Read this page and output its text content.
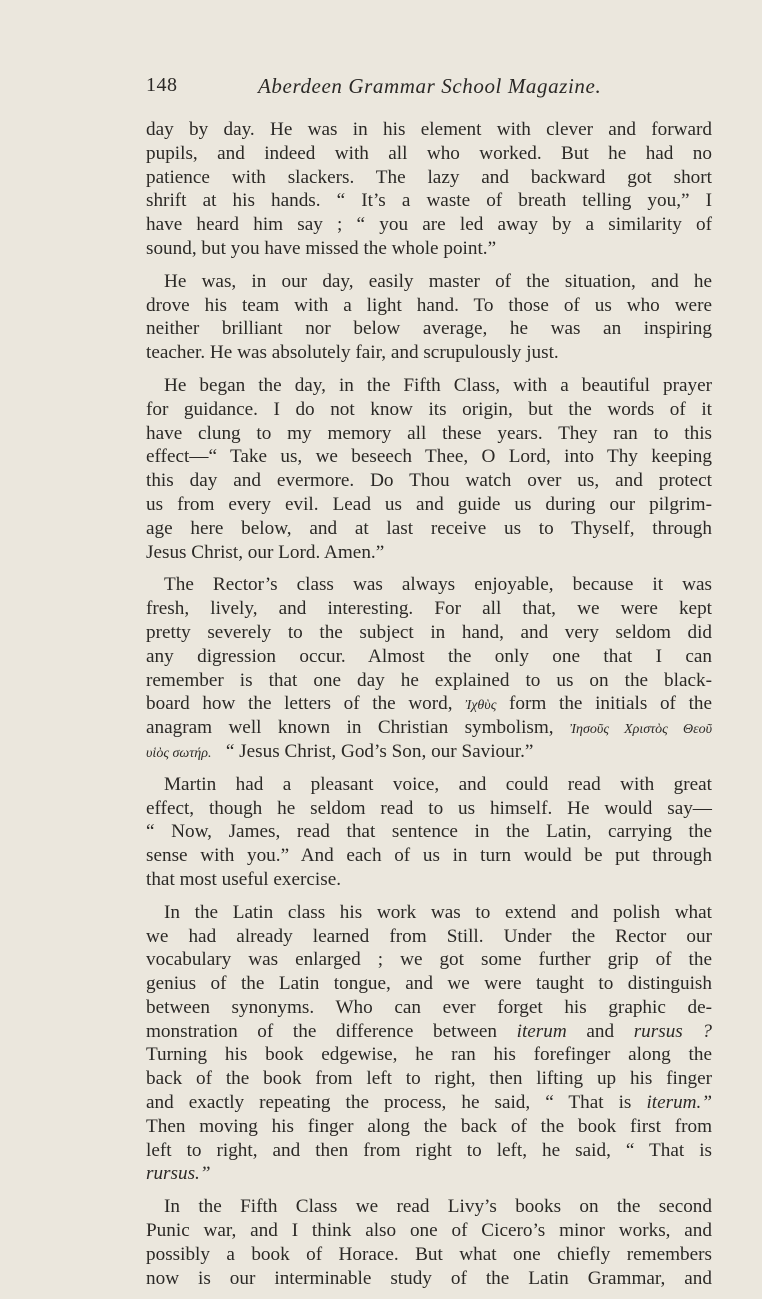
148	Aberdeen Grammar School Magazine.
day by day. He was in his element with clever and forward
pupils, and indeed with all who worked. But he had no
patience with slackers. The lazy and backward got short
shrift at his hands. “ It’s a waste of breath telling you,” I
have heard him say ; “ you are led away by a similarity of
sound, but you have missed the whole point.”
He was, in our day, easily master of the situation, and he
drove his team with a light hand. To those of us who were
neither brilliant nor below average, he was an inspiring
teacher. He was absolutely fair, and scrupulously just.
He began the day, in the Fifth Class, with a beautiful prayer
for guidance. I do not know its origin, but the words of it
have clung to my memory all these years. They ran to this
effect—“ Take us, we beseech Thee, O Lord, into Thy keeping
this day and evermore. Do Thou watch over us, and protect
us from every evil. Lead us and guide us during our pilgrim-
age here below, and at last receive us to Thyself, through
Jesus Christ, our Lord. Amen.”
The Rector’s class was always enjoyable, because it was
fresh, lively, and interesting. For all that, we were kept
pretty severely to the subject in hand, and very seldom did
any digression occur. Almost the only one that I can
remember is that one day he explained to us on the black-
board how the letters of the word, Ἰχθὺς form the initials of the
anagram well known in Christian symbolism, Ἰησοῦς Χριστὸς Θεοῦ
υἱὸς σωτήρ. “ Jesus Christ, God’s Son, our Saviour.”
Martin had a pleasant voice, and could read with great
effect, though he seldom read to us himself. He would say—
“ Now, James, read that sentence in the Latin, carrying the
sense with you.” And each of us in turn would be put through
that most useful exercise.
In the Latin class his work was to extend and polish what
we had already learned from Still. Under the Rector our
vocabulary was enlarged ; we got some further grip of the
genius of the Latin tongue, and we were taught to distinguish
between synonyms. Who can ever forget his graphic de-
monstration of the difference between iterum and rursus ?
Turning his book edgewise, he ran his forefinger along the
back of the book from left to right, then lifting up his finger
and exactly repeating the process, he said, “ That is iterum.”
Then moving his finger along the back of the book first from
left to right, and then from right to left, he said, “ That is
rursus.”
In the Fifth Class we read Livy’s books on the second
Punic war, and I think also one of Cicero’s minor works, and
possibly a book of Horace. But what one chiefly remembers
now is our interminable study of the Latin Grammar, and
